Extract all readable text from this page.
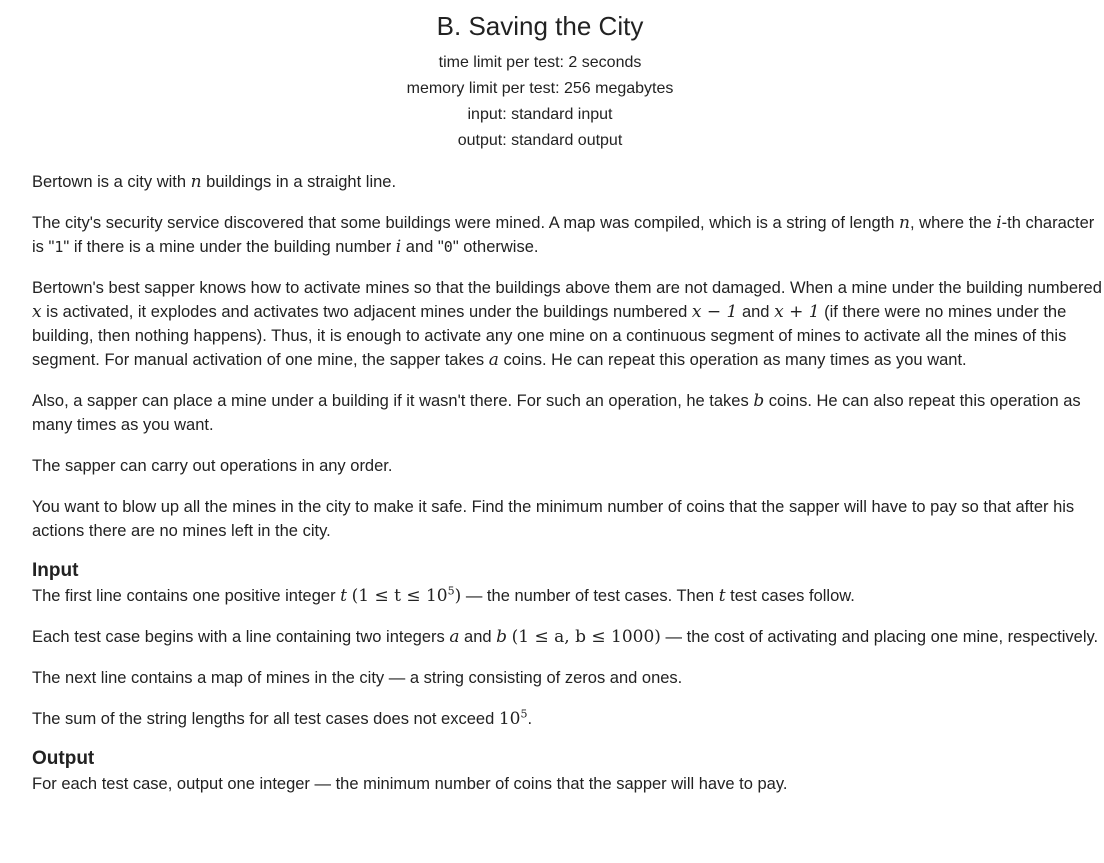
B. Saving the City
time limit per test: 2 seconds
memory limit per test: 256 megabytes
input: standard input
output: standard output

Bertown is a city with n buildings in a straight line.

The city's security service discovered that some buildings were mined. A map was compiled, which is a string of length n, where the i-th character is "1" if there is a mine under the building number i and "0" otherwise.

Bertown's best sapper knows how to activate mines so that the buildings above them are not damaged. When a mine under the building numbered x is activated, it explodes and activates two adjacent mines under the buildings numbered x − 1 and x + 1 (if there were no mines under the building, then nothing happens). Thus, it is enough to activate any one mine on a continuous segment of mines to activate all the mines of this segment. For manual activation of one mine, the sapper takes a coins. He can repeat this operation as many times as you want.

Also, a sapper can place a mine under a building if it wasn't there. For such an operation, he takes b coins. He can also repeat this operation as many times as you want.

The sapper can carry out operations in any order.

You want to blow up all the mines in the city to make it safe. Find the minimum number of coins that the sapper will have to pay so that after his actions there are no mines left in the city.

Input

The first line contains one positive integer t $(1 \le t \le 10^5)$ — the number of test cases. Then t test cases follow.

Each test case begins with a line containing two integers a and b (1 ≤ a, b ≤ 1000) — the cost of activating and placing one mine, respectively.

The next line contains a map of mines in the city — a string consisting of zeros and ones.

The sum of the string lengths for all test cases does not exceed $10^5$.

Output

For each test case, output one integer — the minimum number of coins that the sapper will have to pay.
